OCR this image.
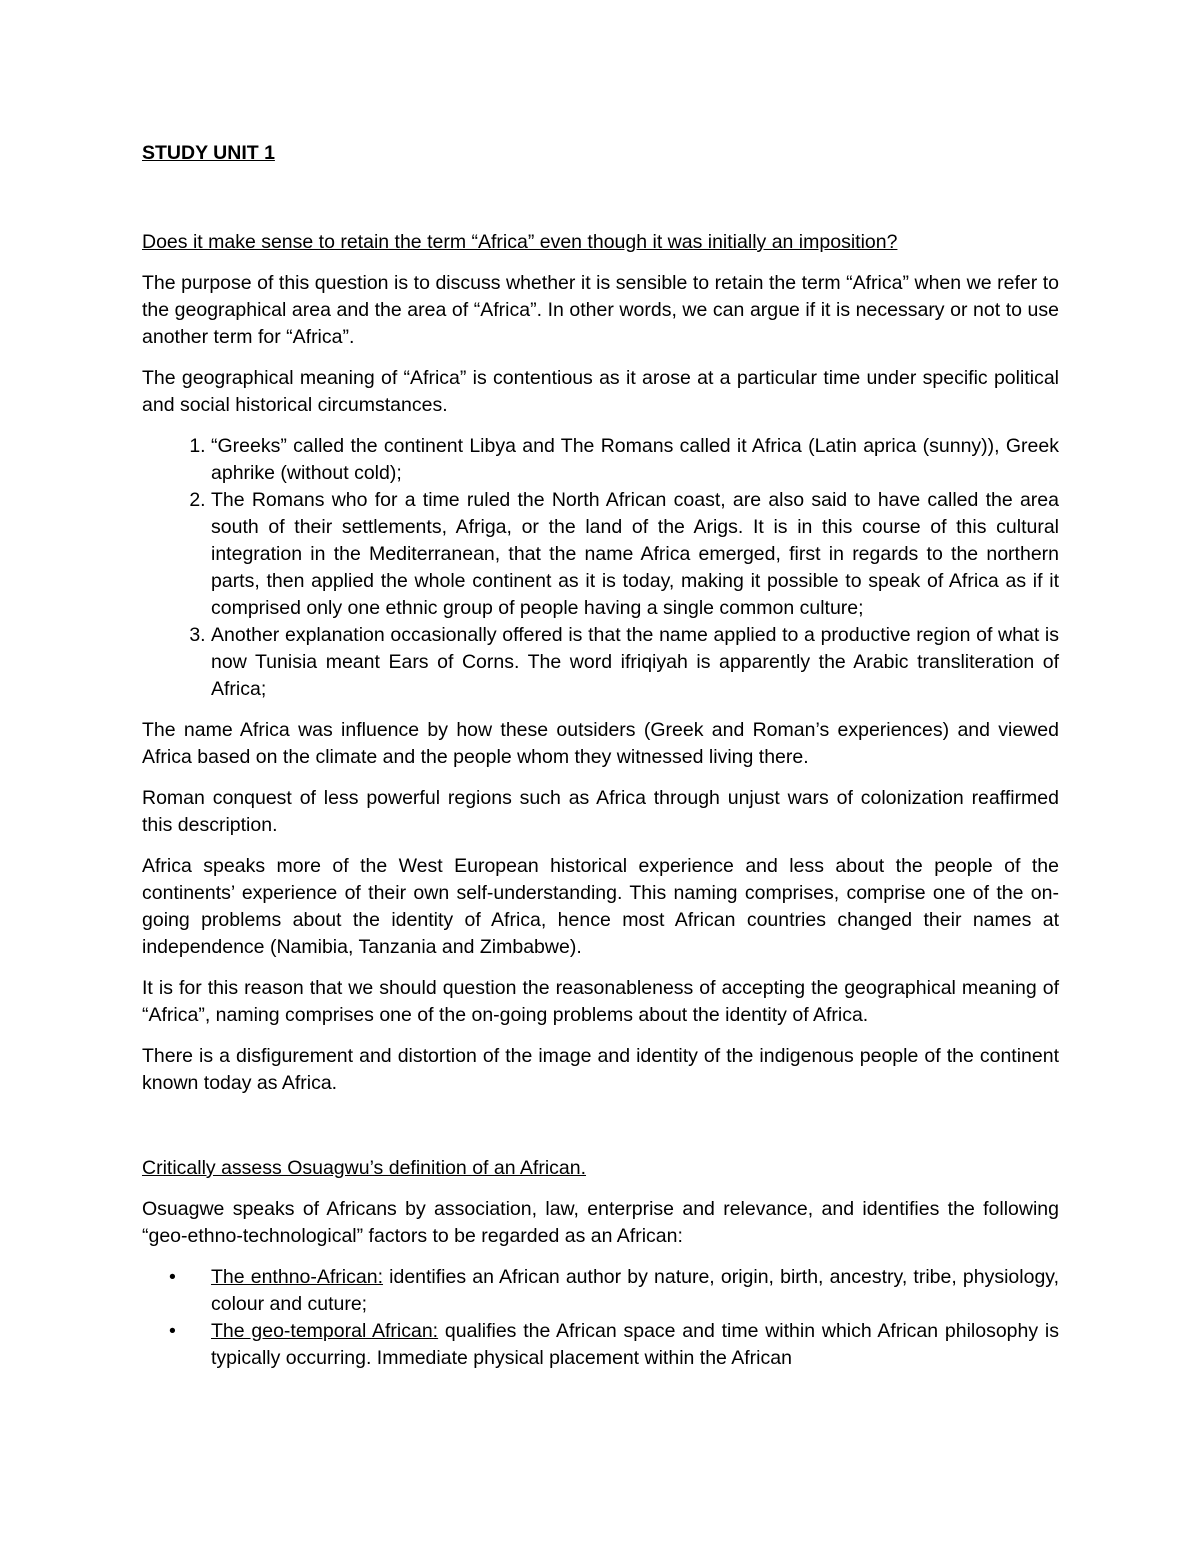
STUDY UNIT 1
Does it make sense to retain the term “Africa” even though it was initially an imposition?

The purpose of this question is to discuss whether it is sensible to retain the term “Africa” when we refer to the geographical area and the area of “Africa”. In other words, we can argue if it is necessary or not to use another term for “Africa”.

The geographical meaning of “Africa” is contentious as it arose at a particular time under specific political and social historical circumstances.

1. “Greeks” called the continent Libya and The Romans called it Africa (Latin aprica (sunny)), Greek aphrike (without cold);
2. The Romans who for a time ruled the North African coast, are also said to have called the area south of their settlements, Afriga, or the land of the Arigs. It is in this course of this cultural integration in the Mediterranean, that the name Africa emerged, first in regards to the northern parts, then applied the whole continent as it is today, making it possible to speak of Africa as if it comprised only one ethnic group of people having a single common culture;
3. Another explanation occasionally offered is that the name applied to a productive region of what is now Tunisia meant Ears of Corns. The word ifriqiyah is apparently the Arabic transliteration of Africa;

The name Africa was influence by how these outsiders (Greek and Roman’s experiences) and viewed Africa based on the climate and the people whom they witnessed living there.

Roman conquest of less powerful regions such as Africa through unjust wars of colonization reaffirmed this description.

Africa speaks more of the West European historical experience and less about the people of the continents’ experience of their own self-understanding. This naming comprises, comprise one of the on-going problems about the identity of Africa, hence most African countries changed their names at independence (Namibia, Tanzania and Zimbabwe).

It is for this reason that we should question the reasonableness of accepting the geographical meaning of “Africa”, naming comprises one of the on-going problems about the identity of Africa.

There is a disfigurement and distortion of the image and identity of the indigenous people of the continent known today as Africa.

Critically assess Osuagwu’s definition of an African.

Osuagwe speaks of Africans by association, law, enterprise and relevance, and identifies the following “geo-ethno-technological” factors to be regarded as an African:

• The enthno-African: identifies an African author by nature, origin, birth, ancestry, tribe, physiology, colour and cuture;
• The geo-temporal African: qualifies the African space and time within which African philosophy is typically occurring. Immediate physical placement within the African
